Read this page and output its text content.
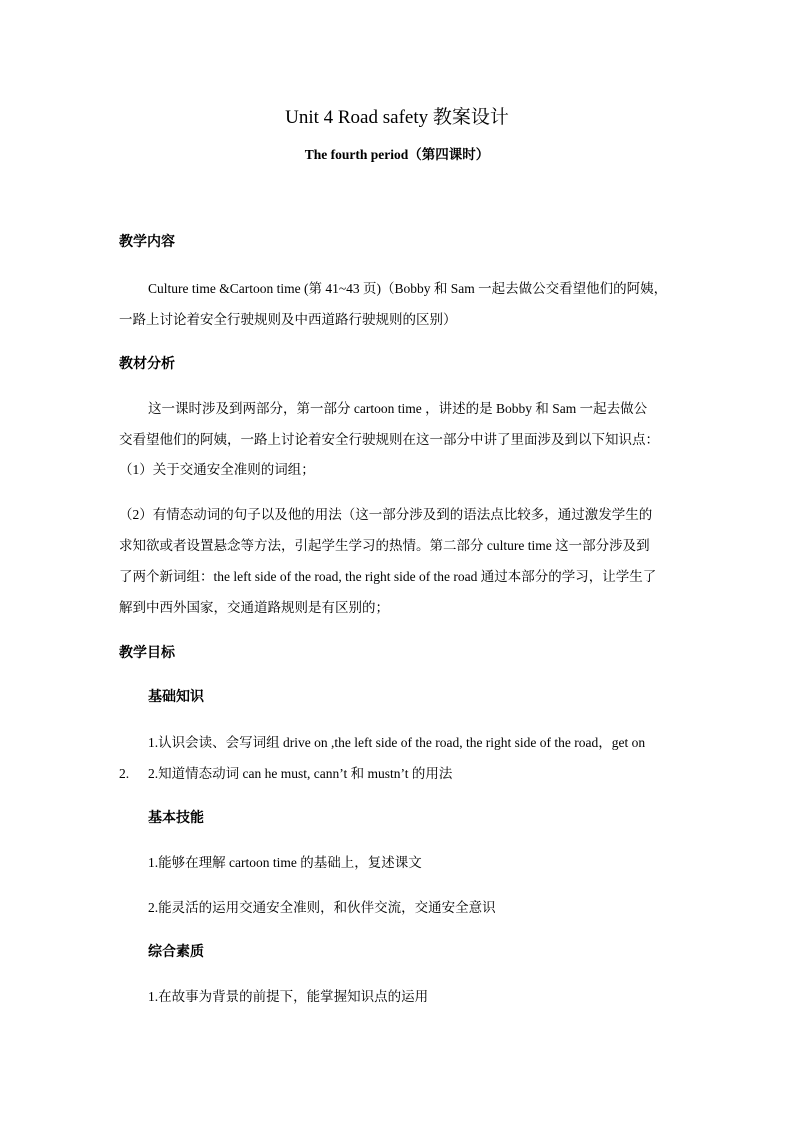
Unit 4 Road safety 教案设计
The fourth period（第四课时）
教学内容
Culture time &Cartoon time (第 41~43 页)（Bobby 和 Sam 一起去做公交看望他们的阿姨，
一路上讨论着安全行驶规则及中西道路行驶规则的区别）
教材分析
这一课时涉及到两部分，第一部分 cartoon time ，讲述的是 Bobby 和 Sam 一起去做公
交看望他们的阿姨，一路上讨论着安全行驶规则在这一部分中讲了里面涉及到以下知识点：
（1）关于交通安全准则的词组；
（2）有情态动词的句子以及他的用法（这一部分涉及到的语法点比较多，通过激发学生的
求知欲或者设置悬念等方法，引起学生学习的热情。第二部分 culture time 这一部分涉及到
了两个新词组：the left side of the road, the right side of the road 通过本部分的学习，让学生了
解到中西外国家，交通道路规则是有区别的；
教学目标
基础知识
1.认识会读、会写词组 drive on ,the left side of the road, the right side of the road，get on
2. 2.知道情态动词 can he must, cann’t 和 mustn’t 的用法
基本技能
1.能够在理解 cartoon time 的基础上，复述课文
2.能灵活的运用交通安全准则，和伙伴交流，交通安全意识
综合素质
1.在故事为背景的前提下，能掌握知识点的运用
